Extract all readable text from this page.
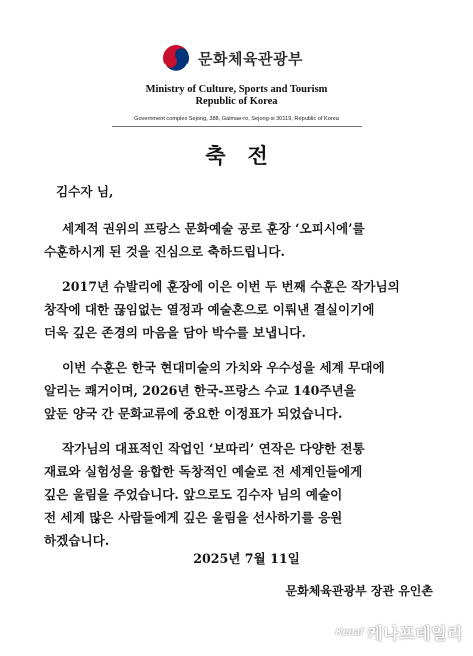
문화체육관광부
Ministry of Culture, Sports and Tourism
Republic of Korea
Government complex Sejong, 388, Galmae-ro, Sejong-si 30119, Republic of Korea
축전
김수자 님,
세계적 권위의 프랑스 문화예술 공로 훈장 ‘오피시에’를
수훈하시게 된 것을 진심으로 축하드립니다.
2017년 슈발리에 훈장에 이은 이번 두 번째 수훈은 작가님의
창작에 대한 끊임없는 열정과 예술혼으로 이뤄낸 결실이기에
더욱 깊은 존경의 마음을 담아 박수를 보냅니다.
이번 수훈은 한국 현대미술의 가치와 우수성을 세계 무대에
알리는 쾌거이며, 2026년 한국-프랑스 수교 140주년을
앞둔 양국 간 문화교류에 중요한 이정표가 되었습니다.
작가님의 대표적인 작업인 ‘보따리’ 연작은 다양한 전통
재료와 실험성을 융합한 독창적인 예술로 전 세계인들에게
깊은 울림을 주었습니다. 앞으로도 김수자 님의 예술이
전 세계 많은 사람들에게 깊은 울림을 선사하기를 응원
하겠습니다.
2025년 7월 11일
문화체육관광부 장관 유인촌
Kenaf 케나프데일리
